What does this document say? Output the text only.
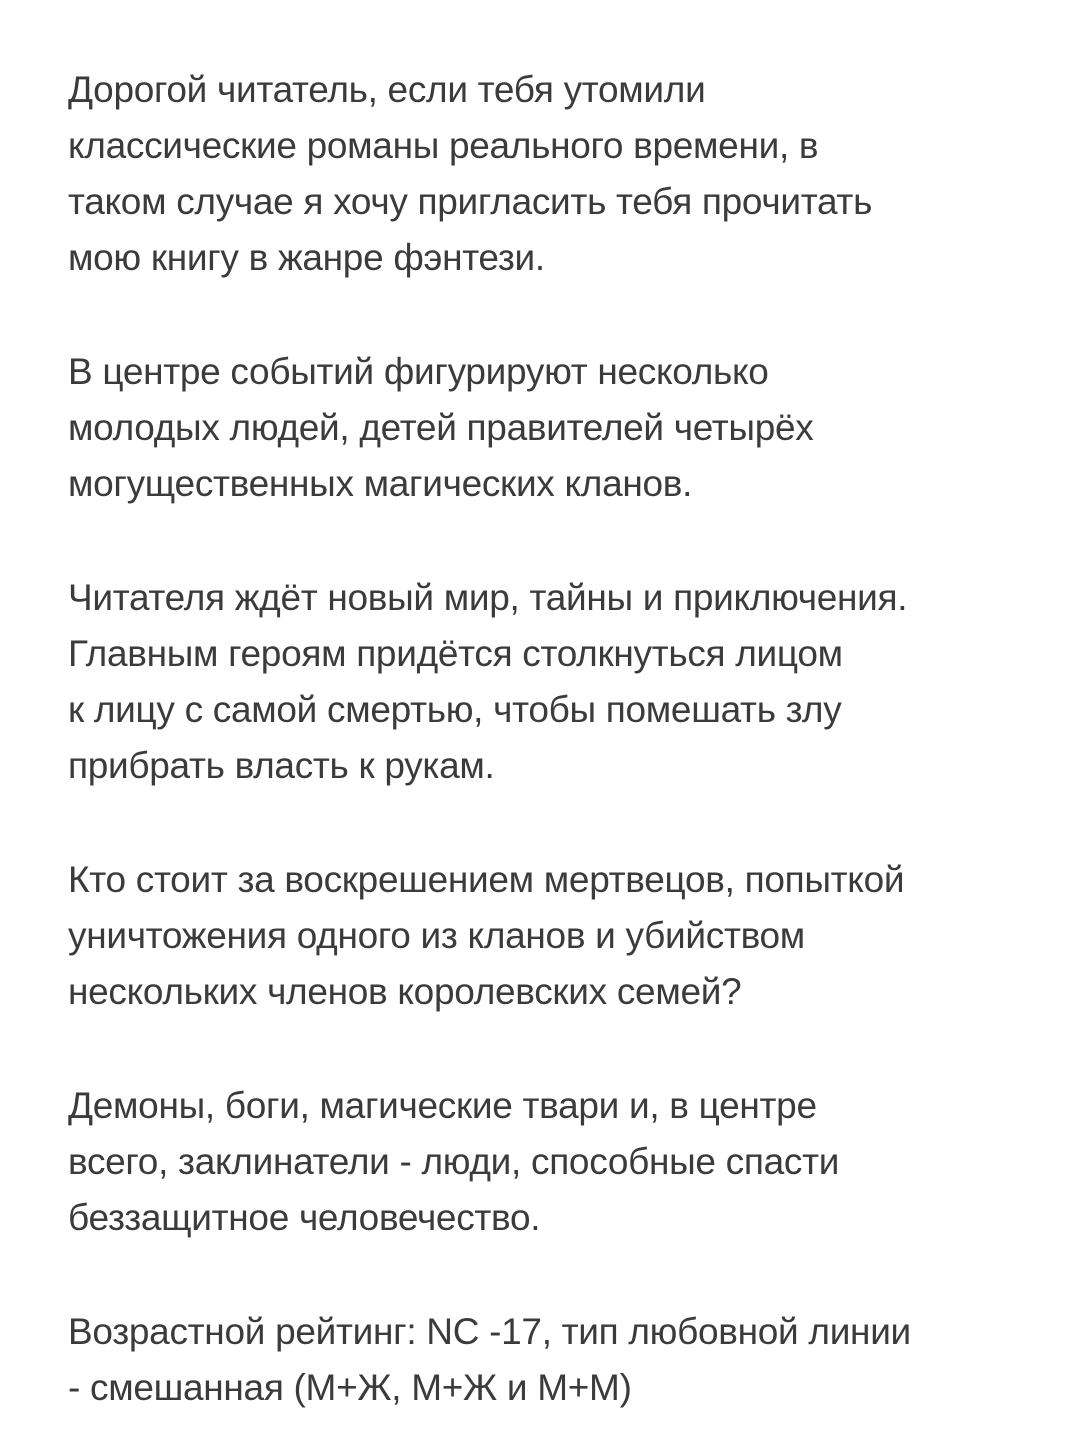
Дорогой читатель, если тебя утомили
классические романы реального времени, в
таком случае я хочу пригласить тебя прочитать
мою книгу в жанре фэнтези.
В центре событий фигурируют несколько
молодых людей, детей правителей четырёх
могущественных магических кланов.
Читателя ждёт новый мир, тайны и приключения.
Главным героям придётся столкнуться лицом
к лицу с самой смертью, чтобы помешать злу
прибрать власть к рукам.
Кто стоит за воскрешением мертвецов, попыткой
уничтожения одного из кланов и убийством
нескольких членов королевских семей?
Демоны, боги, магические твари и, в центре
всего, заклинатели - люди, способные спасти
беззащитное человечество.
Возрастной рейтинг: NC -17, тип любовной линии
- смешанная (М+Ж, М+Ж и М+М)
